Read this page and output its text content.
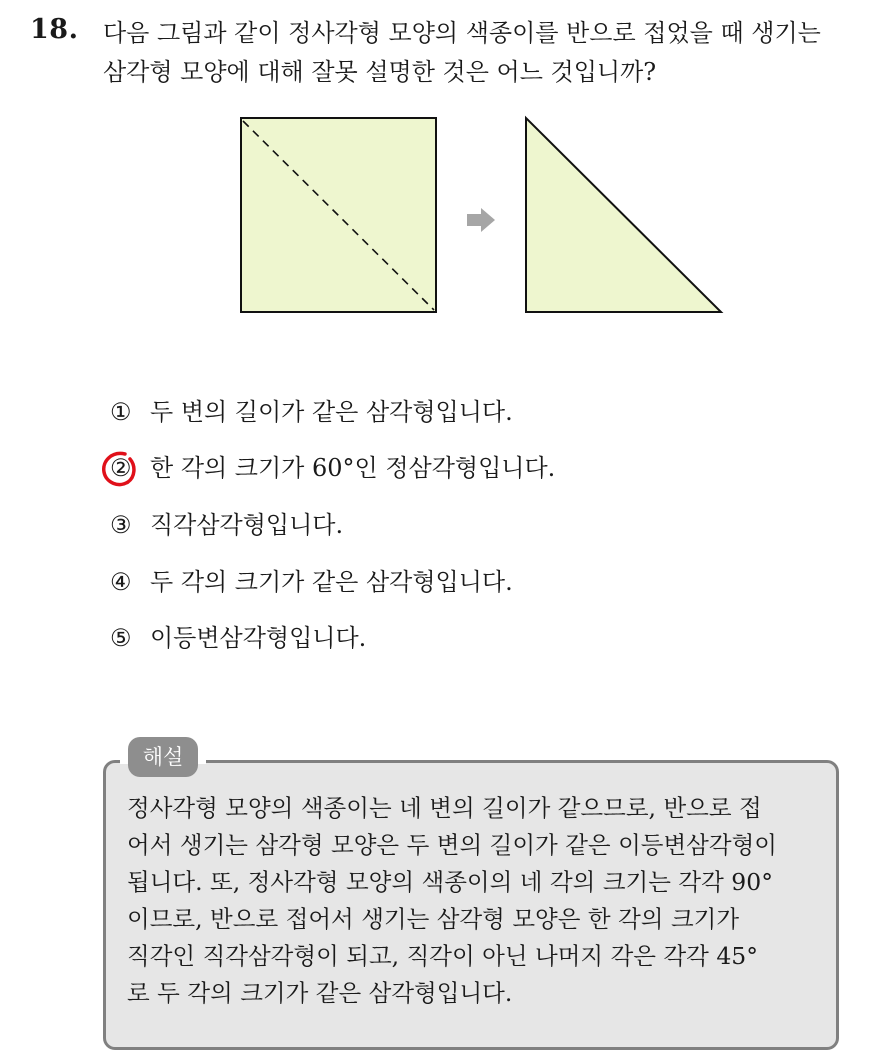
18. 다음 그림과 같이 정사각형 모양의 색종이를 반으로 접었을 때 생기는
삼각형 모양에 대해 잘못 설명한 것은 어느 것입니까?
① 두 변의 길이가 같은 삼각형입니다.
② 한 각의 크기가 60°인 정삼각형입니다.
③ 직각삼각형입니다.
④ 두 각의 크기가 같은 삼각형입니다.
⑤ 이등변삼각형입니다.
해설
정사각형 모양의 색종이는 네 변의 길이가 같으므로, 반으로 접
어서 생기는 삼각형 모양은 두 변의 길이가 같은 이등변삼각형이
됩니다. 또, 정사각형 모양의 색종이의 네 각의 크기는 각각 90°
이므로, 반으로 접어서 생기는 삼각형 모양은 한 각의 크기가
직각인 직각삼각형이 되고, 직각이 아닌 나머지 각은 각각 45°
로 두 각의 크기가 같은 삼각형입니다.
